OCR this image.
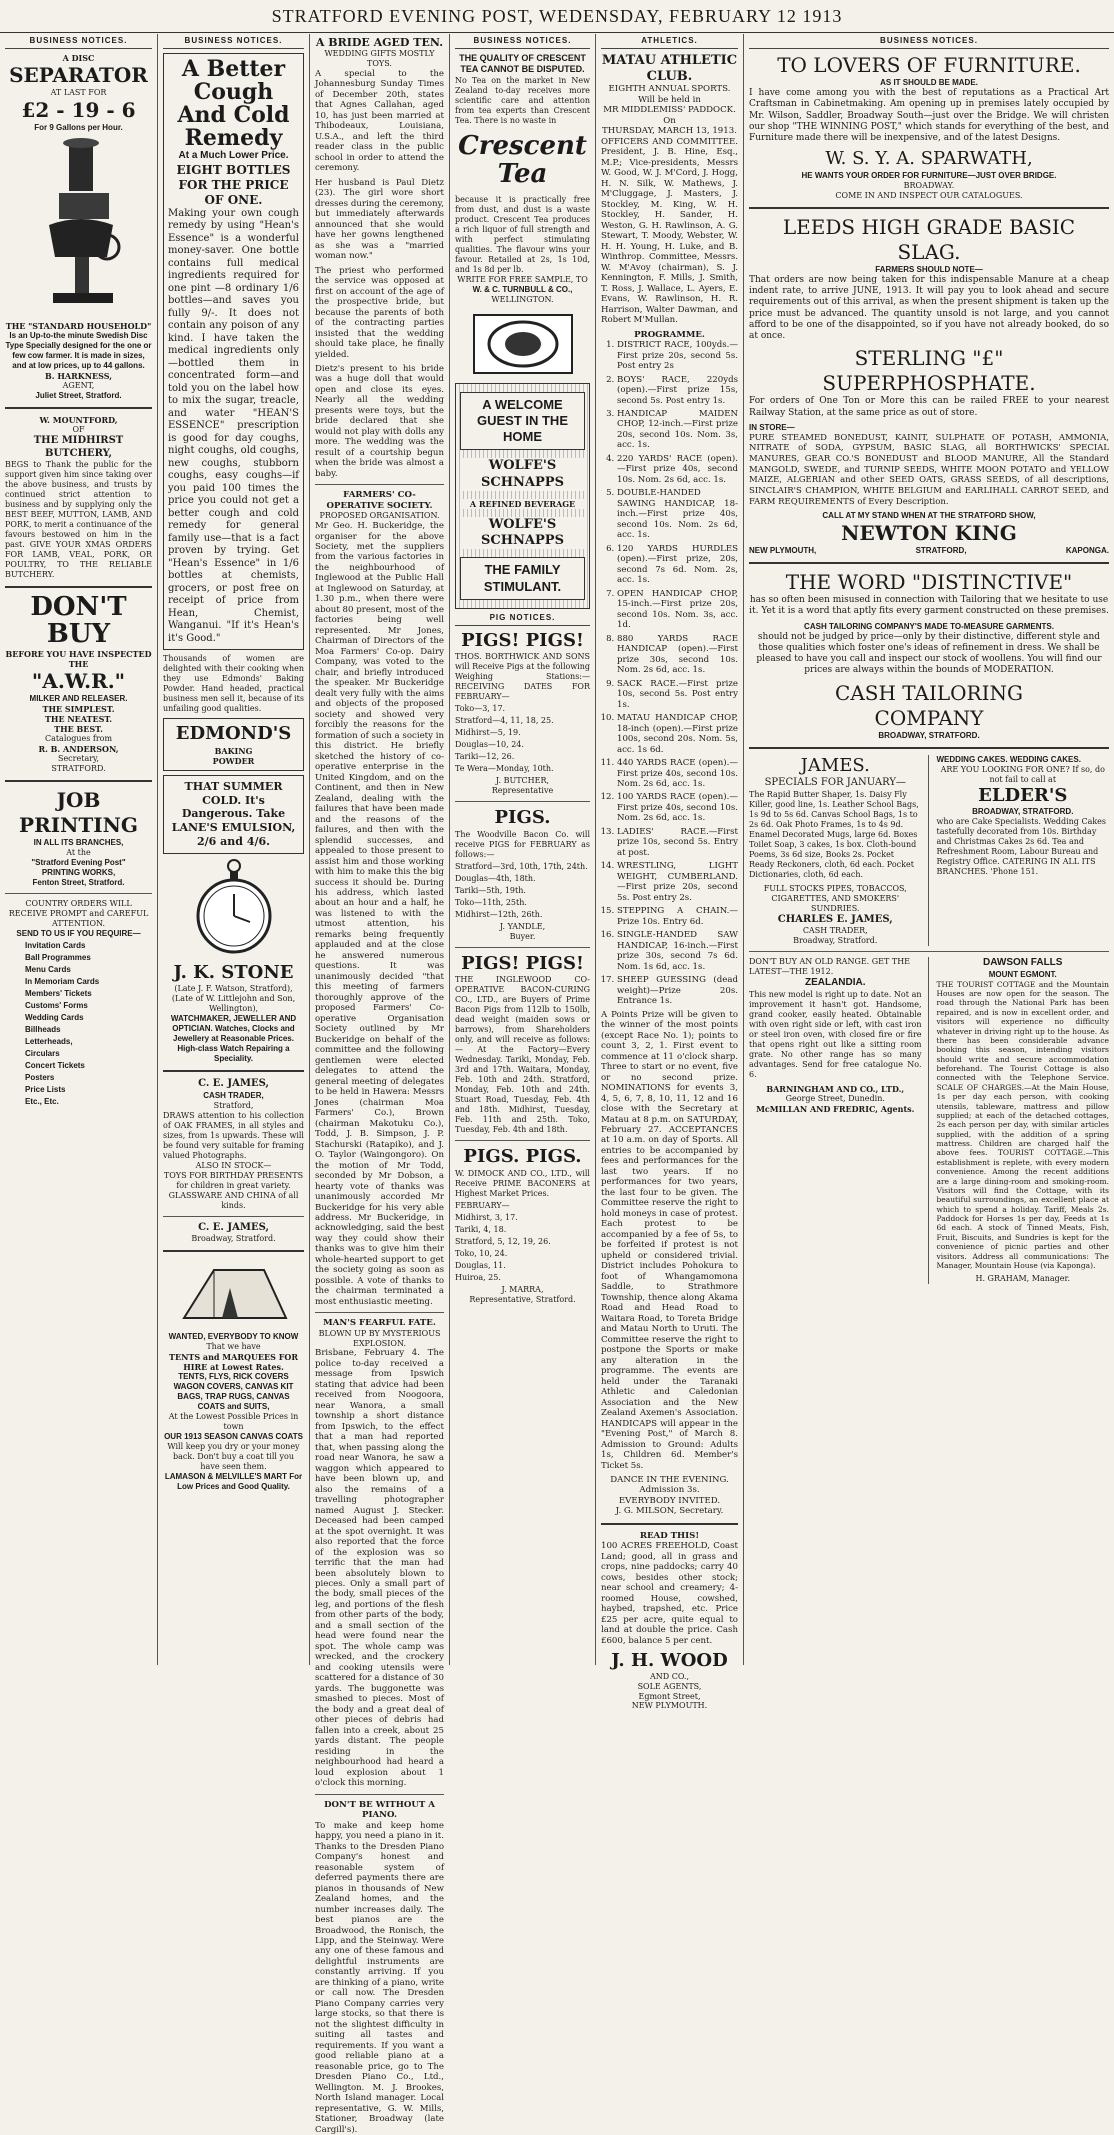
STRATFORD EVENING POST, WEDENSDAY, FEBRUARY 12 1913
BUSINESS NOTICES.
A DISC
SEPARATOR
AT LAST FOR
£2 - 19 - 6
For 9 Gallons per Hour.
THE "STANDARD HOUSEHOLD"
Is an Up-to-the minute Swedish Disc Type Specially designed for the one or few cow farmer. It is made in sizes, and at low prices, up to 44 gallons.
B. HARKNESS,
AGENT,
Juliet Street, Stratford.
W. MOUNTFORD,
OF
THE MIDHIRST BUTCHERY,
BEGS to Thank the public for the support given him since taking over the above business, and trusts by continued strict attention to business and by supplying only the BEST BEEF, MUTTON, LAMB, AND PORK, to merit a continuance of the favours bestowed on him in the past. GIVE YOUR XMAS ORDERS FOR LAMB, VEAL, PORK, OR POULTRY, TO THE RELIABLE BUTCHERY.
DON'T BUY
BEFORE YOU HAVE INSPECTED THE
"A.W.R."
MILKER AND RELEASER.
THE SIMPLEST.
THE NEATEST.
THE BEST.
Catalogues from
R. B. ANDERSON,
Secretary,
STRATFORD.
JOB
PRINTING
IN ALL ITS BRANCHES,
At the
"Stratford Evening Post"
PRINTING WORKS,
Fenton Street, Stratford.
COUNTRY ORDERS WILL
RECEIVE PROMPT and CAREFUL
ATTENTION.
SEND TO US IF YOU REQUIRE—
Invitation Cards
Ball Programmes
Menu Cards
In Memoriam Cards
Members' Tickets
Customs' Forms
Wedding Cards
Billheads
Letterheads,
Circulars
Concert Tickets
Posters
Price Lists
Etc., Etc.
BUSINESS NOTICES.
A Better Cough And Cold Remedy
At a Much Lower Price.
EIGHT BOTTLES FOR THE PRICE OF ONE.
Making your own cough remedy by using "Hean's Essence" is a wonderful money-saver. One bottle contains full medical ingredients required for one pint —8 ordinary 1/6 bottles—and saves you fully 9/-. It does not contain any poison of any kind. I have taken the medical ingredients only—bottled them in concentrated form—and told you on the label how to mix the sugar, treacle, and water "HEAN'S ESSENCE" prescription is good for day coughs, night coughs, old coughs, new coughs, stubborn coughs, easy coughs—if you paid 100 times the price you could not get a better cough and cold remedy for general family use—that is a fact proven by trying. Get "Hean's Essence" in 1/6 bottles at chemists, grocers, or post free on receipt of price from Hean, Chemist, Wanganui. "If it's Hean's it's Good."
Thousands of women are delighted with their cooking when they use Edmonds' Baking Powder. Hand headed, practical business men sell it, because of its unfailing good qualities.
EDMOND'S
BAKING
POWDER
THAT SUMMER COLD. It's Dangerous. Take LANE'S EMULSION, 2/6 and 4/6.
J. K. STONE
(Late J. F. Watson, Stratford),
(Late of W. Littlejohn and Son, Wellington),
WATCHMAKER, JEWELLER AND OPTICIAN. Watches, Clocks and Jewellery at Reasonable Prices. High-class Watch Repairing a Speciality.
C. E. JAMES,
CASH TRADER,
Stratford,
DRAWS attention to his collection of OAK FRAMES, in all styles and sizes, from 1s upwards. These will be found very suitable for framing valued Photographs.
ALSO IN STOCK—
TOYS FOR BIRTHDAY PRESENTS for children in great variety.
GLASSWARE AND CHINA of all kinds.
C. E. JAMES,
Broadway, Stratford.
WANTED, EVERYBODY TO KNOW
That we have
TENTS and MARQUEES FOR HIRE at Lowest Rates.
TENTS, FLYS, RICK COVERS WAGON COVERS, CANVAS KIT BAGS, TRAP RUGS, CANVAS COATS and SUITS,
At the Lowest Possible Prices in town
OUR 1913 SEASON CANVAS COATS
Will keep you dry or your money back. Don't buy a coat till you have seen them.
LAMASON & MELVILLE'S MART For Low Prices and Good Quality.
A BRIDE AGED TEN.
WEDDING GIFTS MOSTLY TOYS.

A special to the Johannesburg Sunday Times of December 20th, states that Agnes Callahan, aged 10, has just been married at Thibodeaux, Louisiana, U.S.A., and left the third reader class in the public school in order to attend the ceremony.

Her husband is Paul Dietz (23). The girl wore short dresses during the ceremony, but immediately afterwards announced that she would have her gowns lengthened as she was a "married woman now."

The priest who performed the service was opposed at first on account of the age of the prospective bride, but because the parents of both of the contracting parties insisted that the wedding should take place, he finally yielded.

Dietz's present to his bride was a huge doll that would open and close its eyes. Nearly all the wedding presents were toys, but the bride declared that she would not play with dolls any more. The wedding was the result of a courtship begun when the bride was almost a baby.

FARMERS' CO-OPERATIVE SOCIETY.
PROPOSED ORGANISATION.

Mr Geo. H. Buckeridge, the organiser for the above Society, met the suppliers from the various factories in the neighbourhood of Inglewood at the Public Hall at Inglewood on Saturday, at 1.30 p.m., when there were about 80 present, most of the factories being well represented. Mr Jones, Chairman of Directors of the Moa Farmers' Co-op. Dairy Company, was voted to the chair, and briefly introduced the speaker. Mr Buckeridge dealt very fully with the aims and objects of the proposed society and showed very forcibly the reasons for the formation of such a society in this district. He briefly sketched the history of co-operative enterprise in the United Kingdom, and on the Continent, and then in New Zealand, dealing with the failures that have been made and the reasons of the failures, and then with the splendid successes, and appealed to those present to assist him and those working with him to make this the big success it should be. During his address, which lasted about an hour and a half, he was listened to with the utmost attention, his remarks being frequently applauded and at the close he answered numerous questions. It was unanimously decided "that this meeting of farmers thoroughly approve of the proposed Farmers' Co-operative Organisation Society outlined by Mr Buckeridge on behalf of the committee and the following gentlemen were elected delegates to attend the general meeting of delegates to be held in Hawera: Messrs Jones (chairman Moa Farmers' Co.), Brown (chairman Makotuku Co.), Todd, J. B. Simpson, J. P. Stachurski (Ratapiko), and J. O. Taylor (Waingongoro). On the motion of Mr Todd, seconded by Mr Dobson, a hearty vote of thanks was unanimously accorded Mr Buckeridge for his very able address. Mr Buckeridge, in acknowledging, said the best way they could show their thanks was to give him their whole-hearted support to get the society going as soon as possible. A vote of thanks to the chairman terminated a most enthusiastic meeting.

MAN'S FEARFUL FATE.
BLOWN UP BY MYSTERIOUS EXPLOSION.

Brisbane, February 4. The police to-day received a message from Ipswich stating that advice had been received from Noogoora, near Wanora, a small township a short distance from Ipswich, to the effect that a man had reported that, when passing along the road near Wanora, he saw a waggon which appeared to have been blown up, and also the remains of a travelling photographer named August J. Stecker. Deceased had been camped at the spot overnight. It was also reported that the force of the explosion was so terrific that the man had been absolutely blown to pieces. Only a small part of the body, small pieces of the leg, and portions of the flesh from other parts of the body, and a small section of the head were found near the spot. The whole camp was wrecked, and the crockery and cooking utensils were scattered for a distance of 30 yards. The buggonette was smashed to pieces. Most of the body and a great deal of other pieces of debris had fallen into a creek, about 25 yards distant. The people residing in the neighbourhood had heard a loud explosion about 1 o'clock this morning.

DON'T BE WITHOUT A PIANO.

To make and keep home happy, you need a piano in it. Thanks to the Dresden Piano Company's honest and reasonable system of deferred payments there are pianos in thousands of New Zealand homes, and the number increases daily. The best pianos are the Broadwood, the Ronisch, the Lipp, and the Steinway. Were any one of these famous and delightful instruments are constantly arriving. If you are thinking of a piano, write or call now. The Dresden Piano Company carries very large stocks, so that there is not the slightest difficulty in suiting all tastes and requirements. If you want a good reliable piano at a reasonable price, go to The Dresden Piano Co., Ltd., Wellington. M. J. Brookes, North Island manager. Local representative, G. W. Mills, Stationer, Broadway (late Cargill's).

BUSINESS NOTICES.
THE QUALITY OF CRESCENT TEA CANNOT BE DISPUTED.
No Tea on the market in New Zealand to-day receives more scientific care and attention from tea experts than Crescent Tea. There is no waste in
Crescent Tea
because it is practically free from dust, and dust is a waste product. Crescent Tea produces a rich liquor of full strength and with perfect stimulating qualities. The flavour wins your favour. Retailed at 2s, 1s 10d, and 1s 8d per lb.
WRITE FOR FREE SAMPLE, TO
W. & C. TURNBULL & CO.,
WELLINGTON.
A WELCOME GUEST IN THE HOME
WOLFE'S SCHNAPPS
A REFINED BEVERAGE
WOLFE'S SCHNAPPS
THE FAMILY STIMULANT.
PIG NOTICES.
PIGS! PIGS!
THOS. BORTHWICK AND SONS will Receive Pigs at the following Weighing Stations:— RECEIVING DATES FOR FEBRUARY—
Toko—3, 17.
Stratford—4, 11, 18, 25.
Midhirst—5, 19.
Douglas—10, 24.
Tariki—12, 26.
Te Wera—Monday, 10th.
J. BUTCHER,
Representative
PIGS.
The Woodville Bacon Co. will receive PIGS for FEBRUARY as follows:—
Stratford—3rd, 10th, 17th, 24th.
Douglas—4th, 18th.
Tariki—5th, 19th.
Toko—11th, 25th.
Midhirst—12th, 26th.
J. YANDLE,
Buyer.
PIGS! PIGS!
THE INGLEWOOD CO-OPERATIVE BACON-CURING CO., LTD., are Buyers of Prime Bacon Pigs from 112lb to 150lb, dead weight (maiden sows or barrows), from Shareholders only, and will receive as follows:— At the Factory—Every Wednesday. Tariki, Monday, Feb. 3rd and 17th. Waitara, Monday, Feb. 10th and 24th. Stratford, Monday, Feb. 10th and 24th. Stuart Road, Tuesday, Feb. 4th and 18th. Midhirst, Tuesday, Feb. 11th and 25th. Toko, Tuesday, Feb. 4th and 18th.
PIGS. PIGS.
W. DIMOCK AND CO., LTD., will Receive PRIME BACONERS at Highest Market Prices.
FEBRUARY—
Midhirst, 3, 17.
Tariki, 4, 18.
Stratford, 5, 12, 19, 26.
Toko, 10, 24.
Douglas, 11.
Huiroa, 25.
J. MARRA,
Representative, Stratford.
ATHLETICS.
MATAU ATHLETIC CLUB.
EIGHTH ANNUAL SPORTS.
Will be held in
MR MIDDLEMISS' PADDOCK.
On
THURSDAY, MARCH 13, 1913.

OFFICERS AND COMMITTEE. President, J. B. Hine, Esq., M.P.; Vice-presidents, Messrs W. Good, W. J. M'Cord, J. Hogg, H. N. Silk, W. Mathews, J. M'Cluggage, J. Masters, J. Stockley, M. King, W. H. Stockley, H. Sander, H. Weston, G. H. Rawlinson, A. G. Stewart, T. Moody, Webster, W. H. H. Young, H. Luke, and B. Winthrop. Committee, Messrs. W. M'Avoy (chairman), S. J. Kennington, F. Mills, J. Smith, T. Ross, J. Wallace, L. Ayers, E. Evans, W. Rawlinson, H. R. Harrison, Walter Dawman, and Robert M'Mullan.

PROGRAMME.
1. DISTRICT RACE, 100yds.—First prize 20s, second 5s. Post entry 2s
2. BOYS' RACE, 220yds (open).—First prize 15s, second 5s. Post entry 1s.
3. HANDICAP MAIDEN CHOP, 12-inch.—First prize 20s, second 10s. Nom. 3s, acc. 1s.
4. 220 YARDS' RACE (open).—First prize 40s, second 10s. Nom. 2s 6d, acc. 1s.
5. DOUBLE-HANDED SAWING HANDICAP, 18-inch.—First prize 40s, second 10s. Nom. 2s 6d, acc. 1s.
6. 120 YARDS HURDLES (open).—First prize, 20s, second 7s 6d. Nom. 2s, acc. 1s.
7. OPEN HANDICAP CHOP, 15-inch.—First prize 20s, second 10s. Nom. 3s, acc. 1d.
8. 880 YARDS RACE HANDICAP (open).—First prize 30s, second 10s. Nom. 2s 6d, acc. 1s.
9. SACK RACE.—First prize 10s, second 5s. Post entry 1s.
10. MATAU HANDICAP CHOP, 18-inch (open).—First prize 100s, second 20s. Nom. 5s, acc. 1s 6d.
11. 440 YARDS RACE (open).—First prize 40s, second 10s. Nom. 2s 6d, acc. 1s.
12. 100 YARDS RACE (open).—First prize 40s, second 10s. Nom. 2s 6d, acc. 1s.
13. LADIES' RACE.—First prize 10s, second 5s. Entry at post.
14. WRESTLING, LIGHT WEIGHT, CUMBERLAND.—First prize 20s, second 5s. Post entry 2s.
15. STEPPING A CHAIN.—Prize 10s. Entry 6d.
16. SINGLE-HANDED SAW HANDICAP, 16-inch.—First prize 30s, second 7s 6d. Nom. 1s 6d, acc. 1s.
17. SHEEP GUESSING (dead weight)—Prize 20s. Entrance 1s.

A Points Prize will be given to the winner of the most points (except Race No. 1); points to count 3, 2, 1. First event to commence at 11 o'clock sharp. Three to start or no event, five or no second prize. NOMINATIONS for events 3, 4, 5, 6, 7, 8, 10, 11, 12 and 16 close with the Secretary at Matau at 8 p.m. on SATURDAY, February 27. ACCEPTANCES at 10 a.m. on day of Sports. All entries to be accompanied by fees and performances for the last two years. If no performances for two years, the last four to be given. The Committee reserve the right to hold moneys in case of protest. Each protest to be accompanied by a fee of 5s, to be forfeited if protest is not upheld or considered trivial. District includes Pohokura to foot of Whangamomona Saddle, to Strathmore Township, thence along Akama Road and Head Road to Waitara Road, to Toreta Bridge and Matau North to Uruti. The Committee reserve the right to postpone the Sports or make any alteration in the programme. The events are held under the Taranaki Athletic and Caledonian Association and the New Zealand Axemen's Association. HANDICAPS will appear in the "Evening Post," of March 8. Admission to Ground: Adults 1s, Children 6d. Member's Ticket 5s.

DANCE IN THE EVENING.
Admission 3s.
EVERYBODY INVITED.
J. G. MILSON, Secretary.
READ THIS!

100 ACRES FREEHOLD, Coast Land; good, all in grass and crops, nine paddocks; carry 40 cows, besides other stock; near school and creamery; 4-roomed House, cowshed, haybed, trapshed, etc. Price £25 per acre, quite equal to land at double the price. Cash £600, balance 5 per cent.

J. H. WOOD
AND CO.,
SOLE AGENTS,
Egmont Street,
NEW PLYMOUTH.
BUSINESS NOTICES.
TO LOVERS OF FURNITURE.
AS IT SHOULD BE MADE.

I have come among you with the best of reputations as a Practical Art Craftsman in Cabinetmaking. Am opening up in premises lately occupied by Mr. Wilson, Saddler, Broadway South—just over the Bridge. We will christen our shop "THE WINNING POST," which stands for everything of the best, and Furniture made there will be inexpensive, and of the latest Designs.

W. S. Y. A. SPARWATH,
HE WANTS YOUR ORDER FOR FURNITURE—JUST OVER BRIDGE.
BROADWAY.
COME IN AND INSPECT OUR CATALOGUES.
LEEDS HIGH GRADE BASIC SLAG.
FARMERS SHOULD NOTE—

That orders are now being taken for this indispensable Manure at a cheap indent rate, to arrive JUNE, 1913. It will pay you to look ahead and secure requirements out of this arrival, as when the present shipment is taken up the price must be advanced. The quantity unsold is not large, and you cannot afford to be one of the disappointed, so if you have not already booked, do so at once.

STERLING "£" SUPERPHOSPHATE.

For orders of One Ton or More this can be railed FREE to your nearest Railway Station, at the same price as out of store.

IN STORE—

PURE STEAMED BONEDUST, KAINIT, SULPHATE OF POTASH, AMMONIA, NITRATE of SODA, GYPSUM, BASIC SLAG, all BORTHWICKS' SPECIAL MANURES, GEAR CO.'S BONEDUST and BLOOD MANURE, All the Standard MANGOLD, SWEDE, and TURNIP SEEDS, WHITE MOON POTATO and YELLOW MAIZE, ALGERIAN and other SEED OATS, GRASS SEEDS, of all descriptions, SINCLAIR'S CHAMPION, WHITE BELGIUM and EARLIHALL CARROT SEED, and FARM REQUIREMENTS of Every Description.

CALL AT MY STAND WHEN AT THE STRATFORD SHOW,
NEWTON KING
NEW PLYMOUTH,	STRATFORD,	KAPONGA.
THE WORD "DISTINCTIVE"

has so often been misused in connection with Tailoring that we hesitate to use it. Yet it is a word that aptly fits every garment constructed on these premises.

CASH TAILORING COMPANY'S MADE TO-MEASURE GARMENTS.

should not be judged by price—only by their distinctive, different style and those qualities which foster one's ideas of refinement in dress. We shall be pleased to have you call and inspect our stock of woollens. You will find our prices are always within the bounds of MODERATION.

CASH TAILORING
COMPANY
BROADWAY, STRATFORD.
JAMES.
SPECIALS FOR JANUARY—

The Rapid Butter Shaper, 1s. Daisy Fly Killer, good line, 1s. Leather School Bags, 1s 9d to 5s 6d. Canvas School Bags, 1s to 2s 6d. Oak Photo Frames, 1s to 4s 9d. Enamel Decorated Mugs, large 6d. Boxes Toilet Soap, 3 cakes, 1s box. Cloth-bound Poems, 3s 6d size, Books 2s. Pocket Ready Reckoners, cloth, 6d each. Pocket Dictionaries, cloth, 6d each.

FULL STOCKS PIPES, TOBACCOS, CIGARETTES, AND SMOKERS' SUNDRIES.
CHARLES E. JAMES,
CASH TRADER,
Broadway, Stratford.
WEDDING CAKES. WEDDING CAKES.
ARE YOU LOOKING FOR ONE? If so, do not fail to call at
ELDER'S
BROADWAY, STRATFORD.

who are Cake Specialists. Wedding Cakes tastefully decorated from 10s. Birthday and Christmas Cakes 2s 6d. Tea and Refreshment Room, Labour Bureau and Registry Office. CATERING IN ALL ITS BRANCHES. 'Phone 151.

DON'T BUY AN OLD RANGE. GET THE LATEST—THE 1912.
ZEALANDIA.

This new model is right up to date. Not an improvement it hasn't got. Handsome, grand cooker, easily heated. Obtainable with oven right side or left, with cast iron or steel iron oven, with closed fire or fire that opens right out like a sitting room grate. No other range has so many advantages. Send for free catalogue No. 6.

BARNINGHAM AND CO., LTD.,
George Street, Dunedin.
McMILLAN AND FREDRIC, Agents.
DAWSON FALLS
MOUNT EGMONT.

THE TOURIST COTTAGE and the Mountain Houses are now open for the season. The road through the National Park has been repaired, and is now in excellent order, and visitors will experience no difficulty whatever in driving right up to the house. As there has been considerable advance booking this season, intending visitors should write and secure accommodation beforehand. The Tourist Cottage is also connected with the Telephone Service. SCALE OF CHARGES.—At the Main House, 1s per day each person, with cooking utensils, tableware, mattress and pillow supplied; at each of the detached cottages, 2s each person per day, with similar articles supplied, with the addition of a spring mattress. Children are charged half the above fees. TOURIST COTTAGE.—This establishment is replete, with every modern convenience. Among the recent additions are a large dining-room and smoking-room. Visitors will find the Cottage, with its beautiful surroundings, an excellent place at which to spend a holiday. Tariff, Meals 2s. Paddock for Horses 1s per day, Feeds at 1s 6d each. A stock of Tinned Meats, Fish, Fruit, Biscuits, and Sundries is kept for the convenience of picnic parties and other visitors. Address all communications: The Manager, Mountain House (via Kaponga).

H. GRAHAM, Manager.
